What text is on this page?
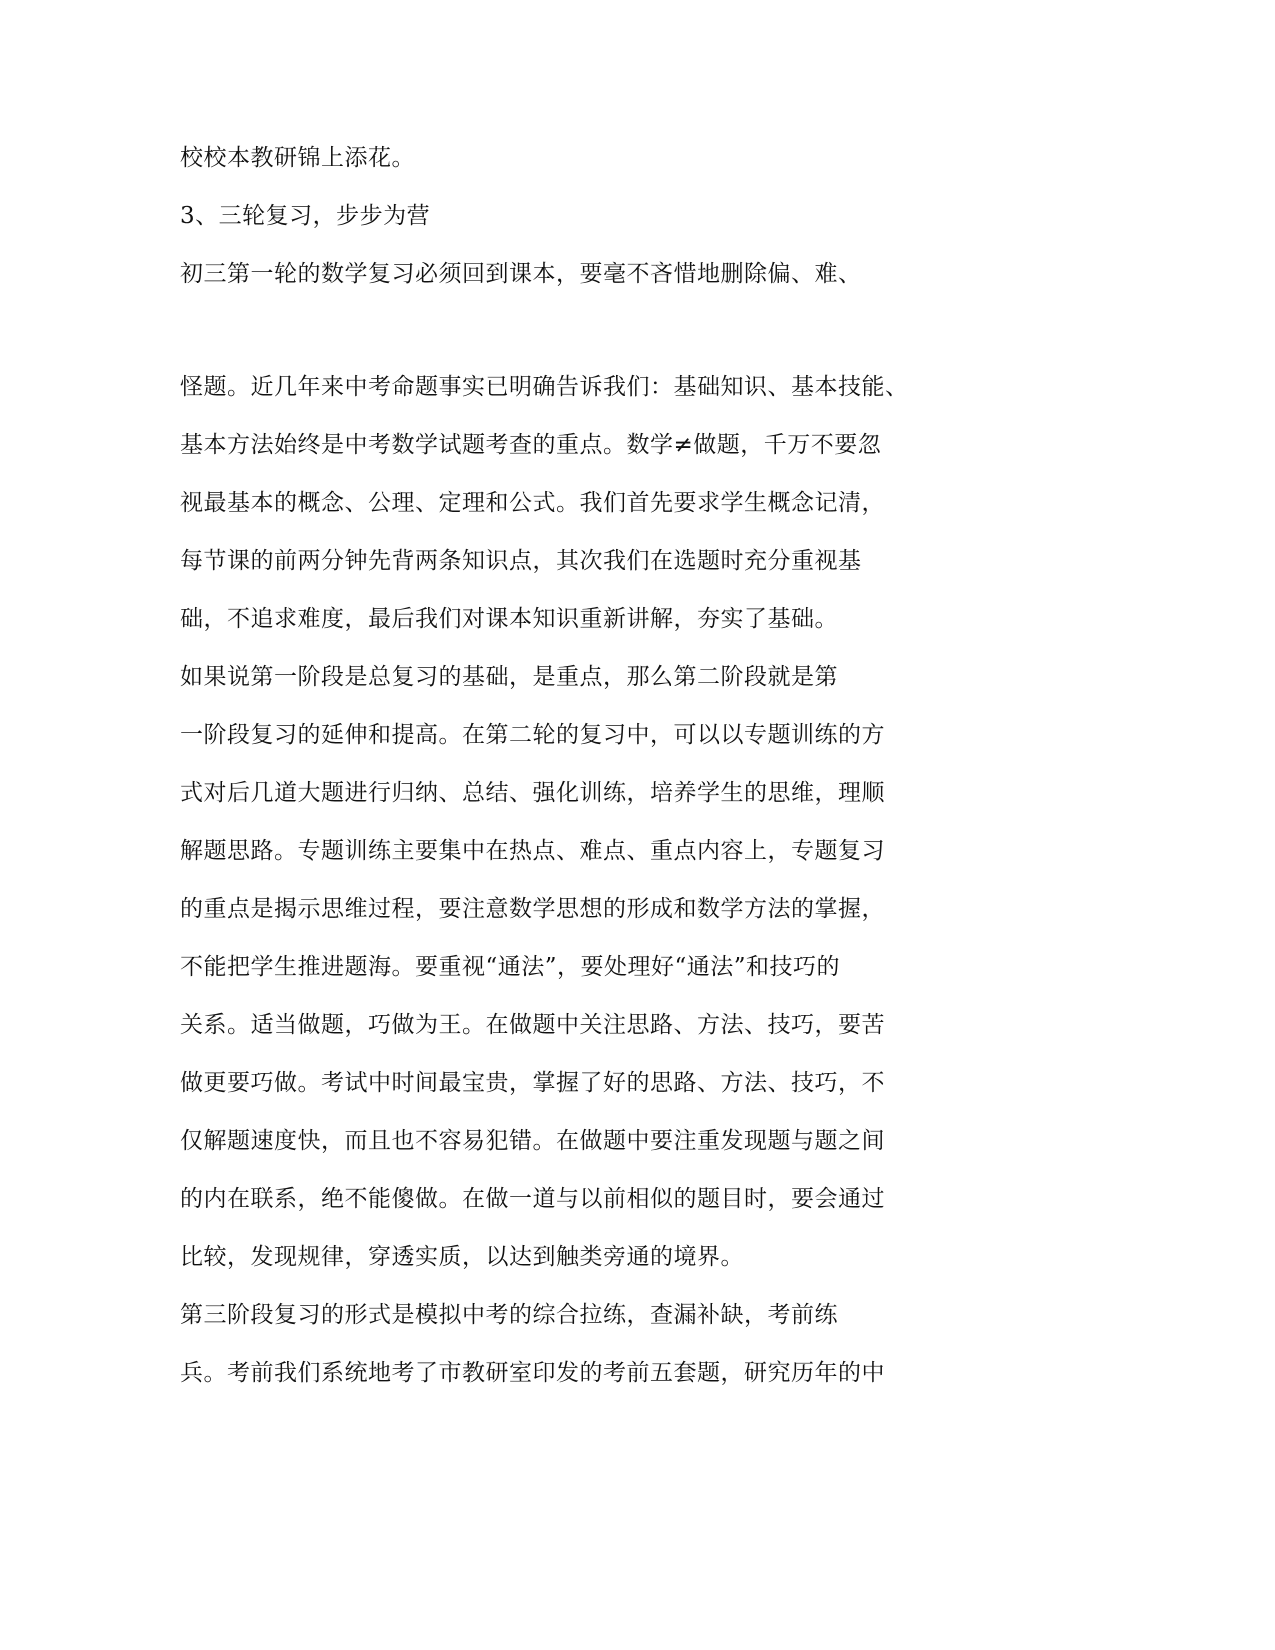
校校本教研锦上添花。

3、三轮复习，步步为营

初三第一轮的数学复习必须回到课本，要毫不吝惜地删除偏、难、

怪题。近几年来中考命题事实已明确告诉我们：基础知识、基本技能、

基本方法始终是中考数学试题考查的重点。数学≠做题，千万不要忽

视最基本的概念、公理、定理和公式。我们首先要求学生概念记清，

每节课的前两分钟先背两条知识点，其次我们在选题时充分重视基

础，不追求难度，最后我们对课本知识重新讲解，夯实了基础。

如果说第一阶段是总复习的基础，是重点，那么第二阶段就是第

一阶段复习的延伸和提高。在第二轮的复习中，可以以专题训练的方

式对后几道大题进行归纳、总结、强化训练，培养学生的思维，理顺

解题思路。专题训练主要集中在热点、难点、重点内容上，专题复习

的重点是揭示思维过程，要注意数学思想的形成和数学方法的掌握，

不能把学生推进题海。要重视“通法”，要处理好“通法”和技巧的

关系。适当做题，巧做为王。在做题中关注思路、方法、技巧，要苦

做更要巧做。考试中时间最宝贵，掌握了好的思路、方法、技巧，不

仅解题速度快，而且也不容易犯错。在做题中要注重发现题与题之间

的内在联系，绝不能傻做。在做一道与以前相似的题目时，要会通过

比较，发现规律，穿透实质，以达到触类旁通的境界。

第三阶段复习的形式是模拟中考的综合拉练，查漏补缺，考前练

兵。考前我们系统地考了市教研室印发的考前五套题，研究历年的中
